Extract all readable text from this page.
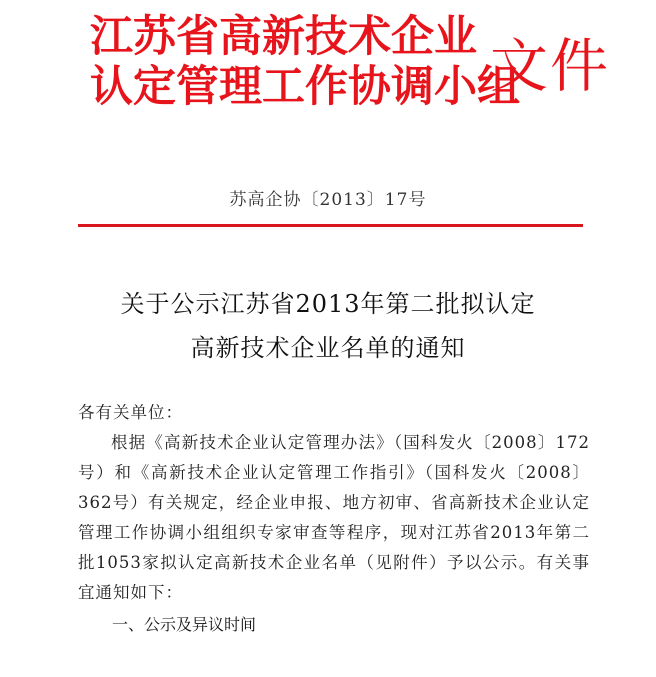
江苏省高新技术企业
认定管理工作协调小组
文件
苏高企协〔2013〕17号
关于公示江苏省2013年第二批拟认定
高新技术企业名单的通知
各有关单位：
根据《高新技术企业认定管理办法》（国科发火〔2008〕172号）和《高新技术企业认定管理工作指引》（国科发火〔2008〕362号）有关规定，经企业申报、地方初审、省高新技术企业认定管理工作协调小组组织专家审查等程序，现对江苏省2013年第二批1053家拟认定高新技术企业名单（见附件）予以公示。有关事宜通知如下：
一、公示及异议时间
